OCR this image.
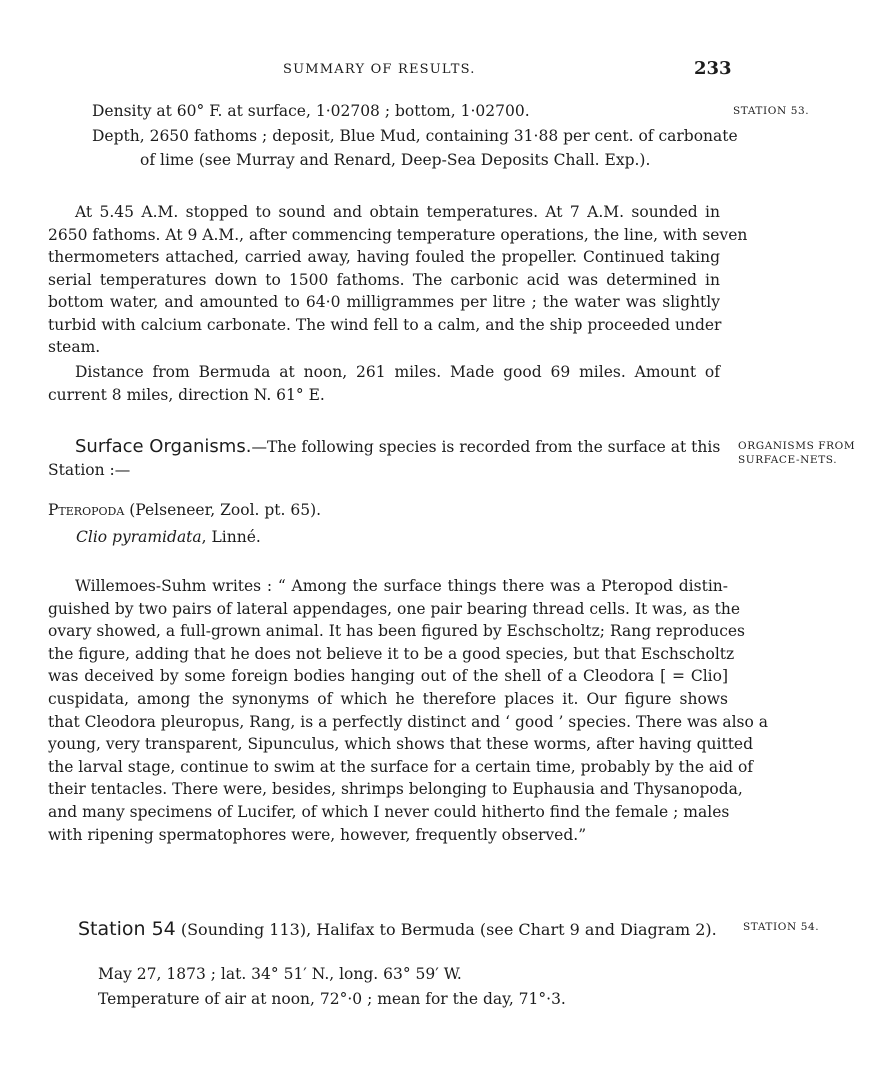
SUMMARY OF RESULTS.	233
STATION 53.
Density at 60° F. at surface, 1·02708 ; bottom, 1·02700.
Depth, 2650 fathoms ; deposit, Blue Mud, containing 31·88 per cent. of carbonate
of lime (see Murray and Renard, Deep-Sea Deposits Chall. Exp.).
At 5.45 A.M. stopped to sound and obtain temperatures. At 7 A.M. sounded in
2650 fathoms. At 9 A.M., after commencing temperature operations, the line, with seven
thermometers attached, carried away, having fouled the propeller. Continued taking
serial temperatures down to 1500 fathoms. The carbonic acid was determined in
bottom water, and amounted to 64·0 milligrammes per litre ; the water was slightly
turbid with calcium carbonate. The wind fell to a calm, and the ship proceeded under
steam.
Distance from Bermuda at noon, 261 miles. Made good 69 miles. Amount of
current 8 miles, direction N. 61° E.
ORGANISMS FROM
SURFACE-NETS.
Surface Organisms.—The following species is recorded from the surface at this
Station :—
Pteropoda (Pelseneer, Zool. pt. 65).
Clio pyramidata, Linné.
Willemoes-Suhm writes : “ Among the surface things there was a Pteropod distin-
guished by two pairs of lateral appendages, one pair bearing thread cells. It was, as the
ovary showed, a full-grown animal. It has been figured by Eschscholtz; Rang reproduces
the figure, adding that he does not believe it to be a good species, but that Eschscholtz
was deceived by some foreign bodies hanging out of the shell of a Cleodora [ = Clio]
cuspidata, among the synonyms of which he therefore places it. Our figure shows
that Cleodora pleuropus, Rang, is a perfectly distinct and ‘ good ’ species. There was also a
young, very transparent, Sipunculus, which shows that these worms, after having quitted
the larval stage, continue to swim at the surface for a certain time, probably by the aid of
their tentacles. There were, besides, shrimps belonging to Euphausia and Thysanopoda,
and many specimens of Lucifer, of which I never could hitherto find the female ; males
with ripening spermatophores were, however, frequently observed.”
Station 54 (Sounding 113), Halifax to Bermuda (see Chart 9 and Diagram 2).	STATION 54.
May 27, 1873 ; lat. 34° 51′ N., long. 63° 59′ W.
Temperature of air at noon, 72°·0 ; mean for the day, 71°·3.
